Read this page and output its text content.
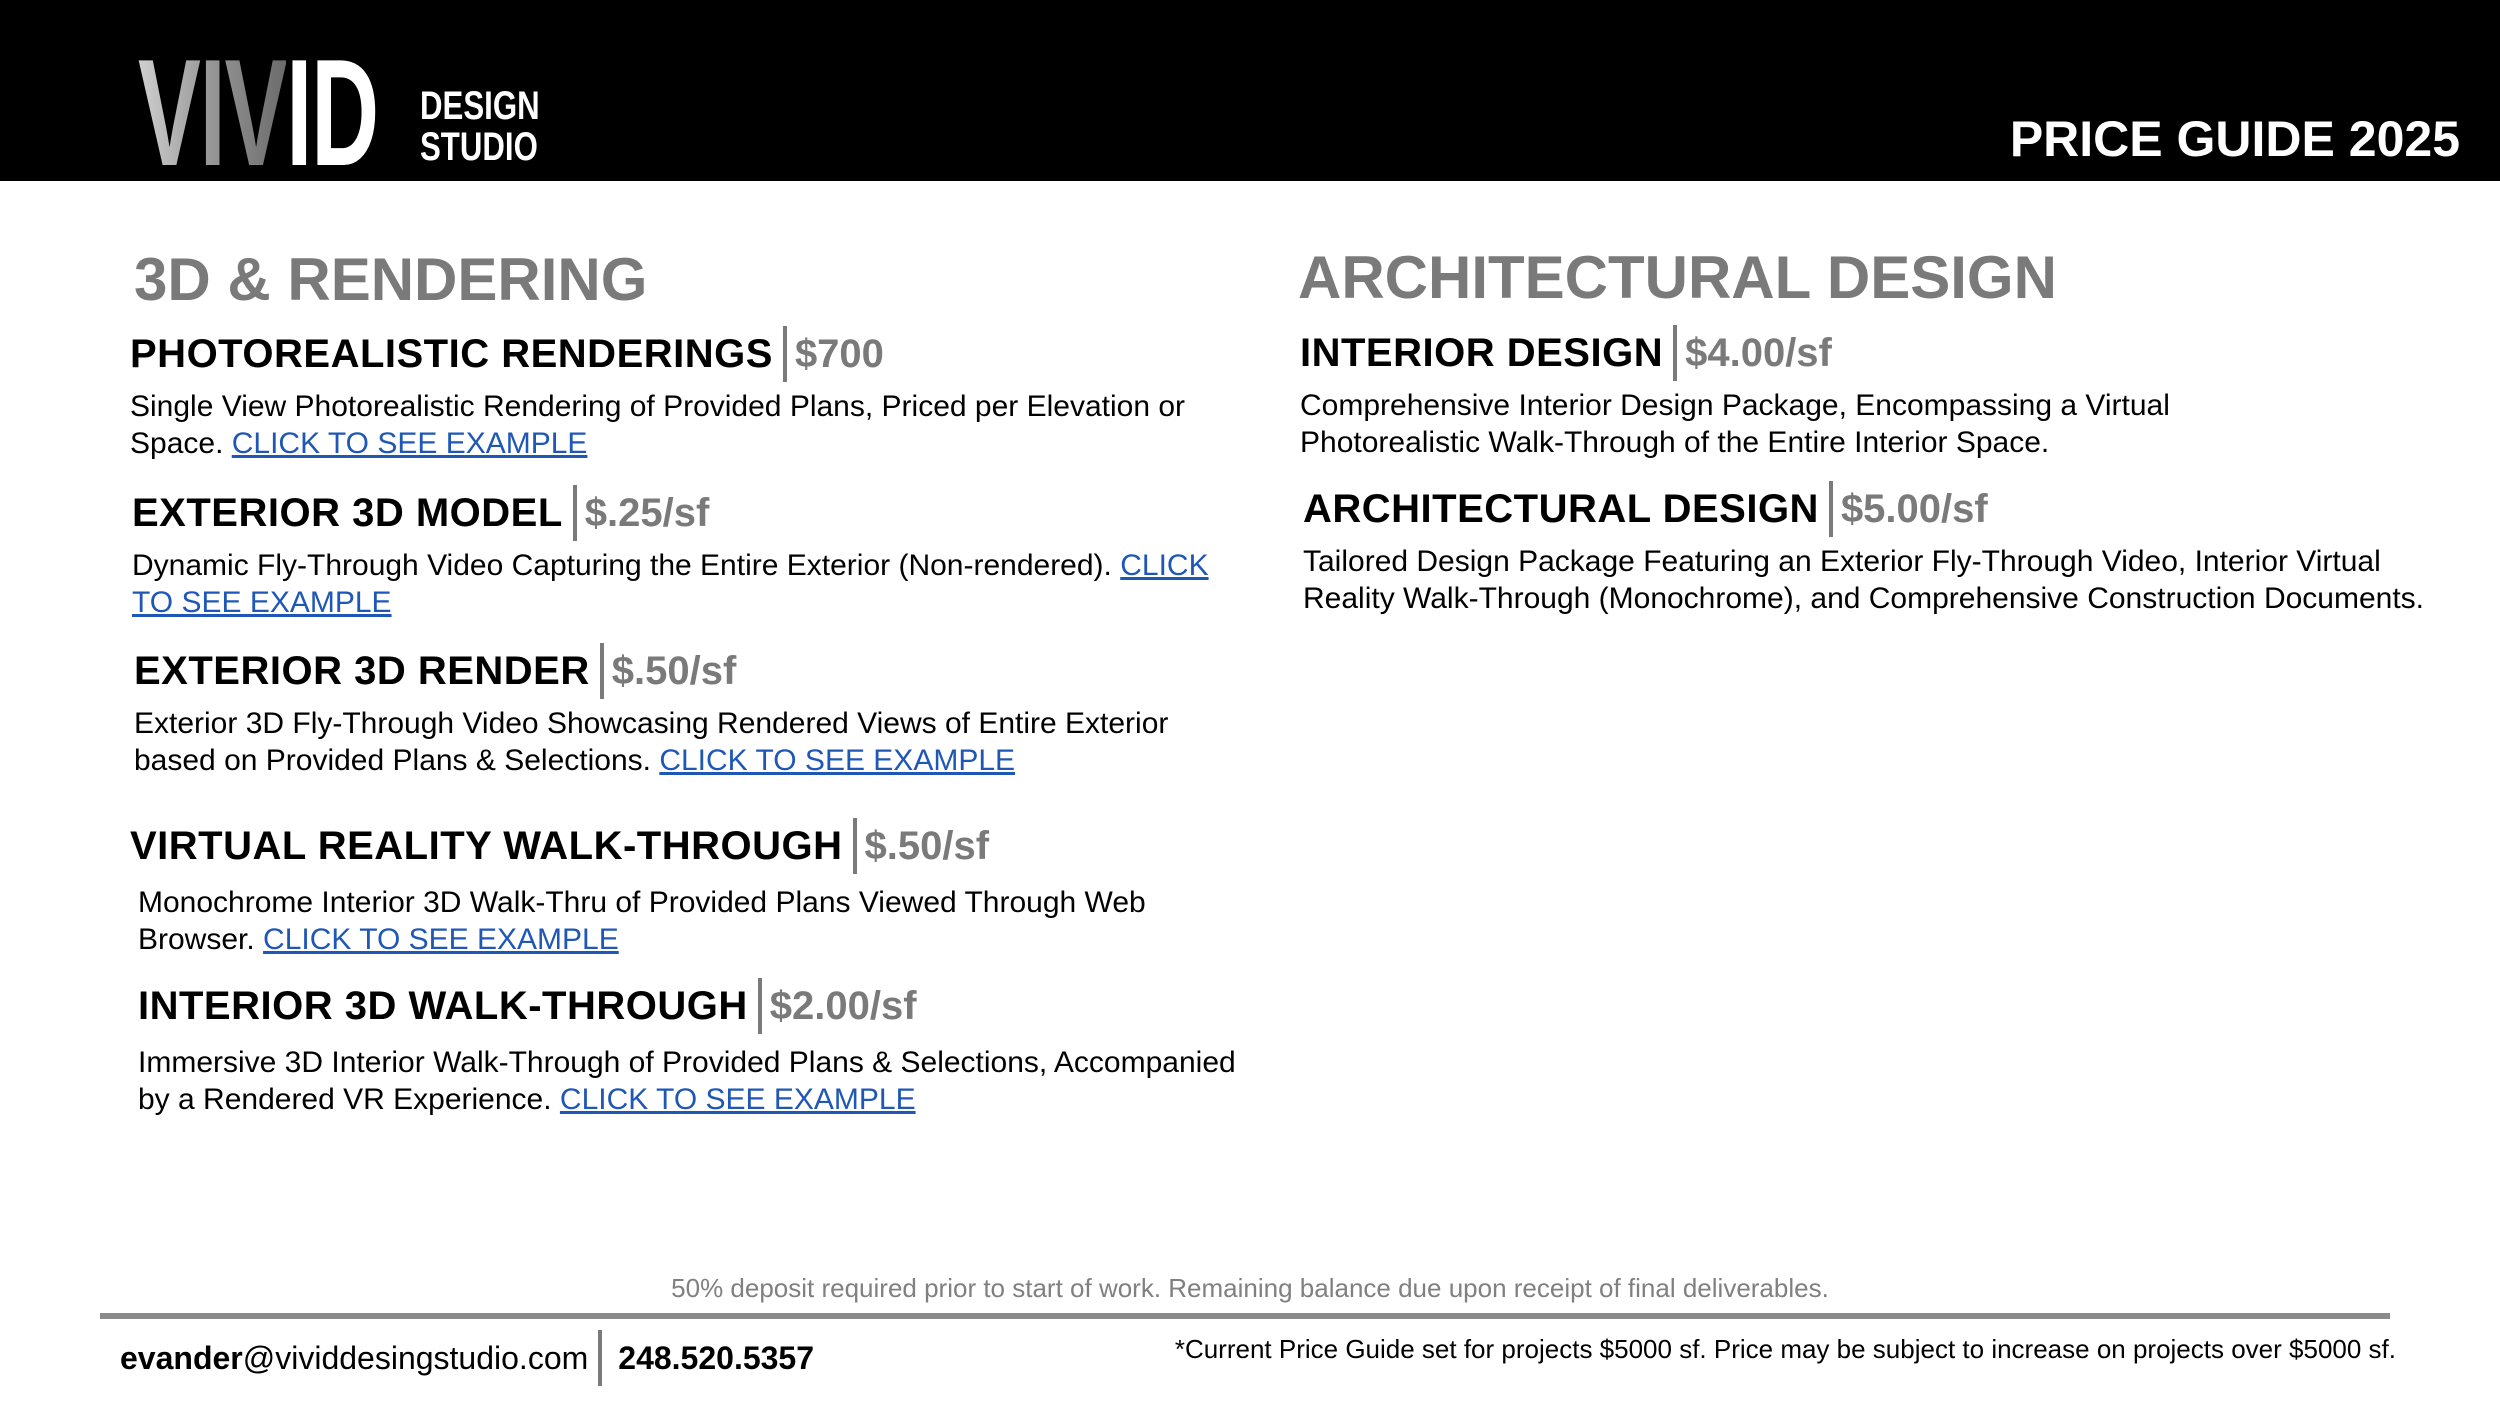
VIVID DESIGN
STUDIO	PRICE GUIDE 2025
3D & RENDERING
PHOTOREALISTIC RENDERINGS $700
Single View Photorealistic Rendering of Provided Plans, Priced per Elevation or Space. CLICK TO SEE EXAMPLE
EXTERIOR 3D MODEL $.25/sf
Dynamic Fly-Through Video Capturing the Entire Exterior (Non-rendered). CLICK TO SEE EXAMPLE
EXTERIOR 3D RENDER $.50/sf
Exterior 3D Fly-Through Video Showcasing Rendered Views of Entire Exterior based on Provided Plans & Selections. CLICK TO SEE EXAMPLE
VIRTUAL REALITY WALK-THROUGH $.50/sf
Monochrome Interior 3D Walk-Thru of Provided Plans Viewed Through Web Browser. CLICK TO SEE EXAMPLE
INTERIOR 3D WALK-THROUGH $2.00/sf
Immersive 3D Interior Walk-Through of Provided Plans & Selections, Accompanied by a Rendered VR Experience. CLICK TO SEE EXAMPLE
ARCHITECTURAL DESIGN
INTERIOR DESIGN $4.00/sf
Comprehensive Interior Design Package, Encompassing a Virtual Photorealistic Walk-Through of the Entire Interior Space.
ARCHITECTURAL DESIGN $5.00/sf
Tailored Design Package Featuring an Exterior Fly-Through Video, Interior Virtual Reality Walk-Through (Monochrome), and Comprehensive Construction Documents.
50% deposit required prior to start of work. Remaining balance due upon receipt of final deliverables.
evander@vividdesingstudio.com 248.520.5357	*Current Price Guide set for projects $5000 sf. Price may be subject to increase on projects over $5000 sf.
